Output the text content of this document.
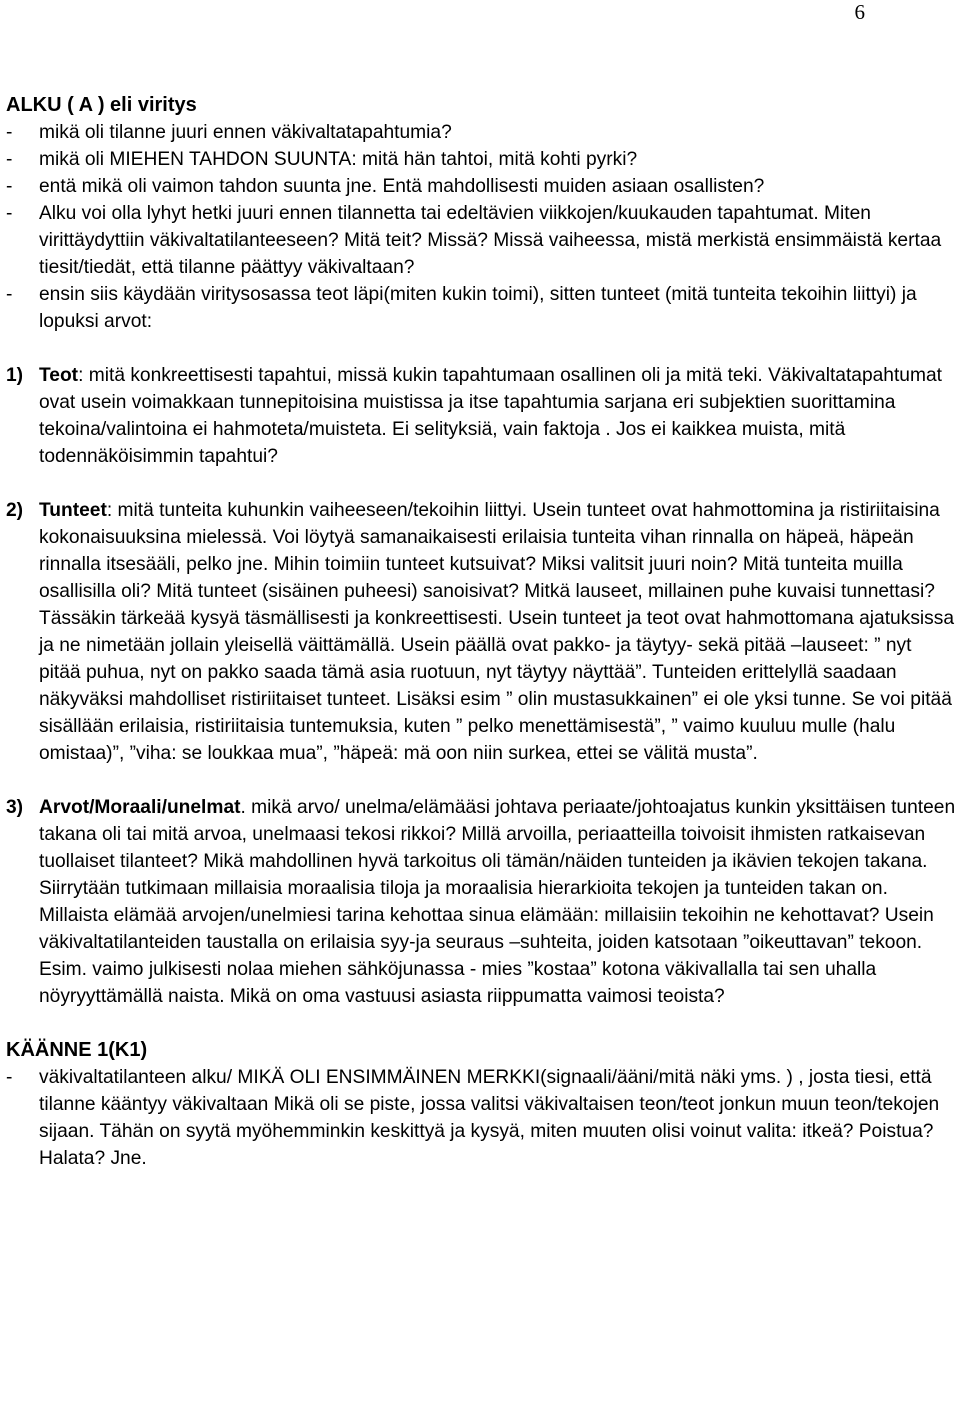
6
ALKU ( A ) eli viritys
-	mikä oli tilanne juuri ennen väkivaltatapahtumia?
-	mikä oli MIEHEN TAHDON SUUNTA: mitä hän tahtoi, mitä kohti pyrki?
-	entä mikä oli vaimon tahdon suunta jne. Entä mahdollisesti muiden asiaan osallisten?
-	Alku voi olla lyhyt hetki juuri ennen tilannetta tai edeltävien viikkojen/kuukauden tapahtumat. Miten virittäydyttiin väkivaltatilanteeseen? Mitä teit? Missä? Missä vaiheessa, mistä merkistä ensimmäistä kertaa tiesit/tiedät, että tilanne päättyy väkivaltaan?
-	ensin siis käydään viritysosassa teot läpi(miten kukin toimi), sitten tunteet (mitä tunteita tekoihin liittyi) ja lopuksi arvot:
1) Teot: mitä konkreettisesti tapahtui, missä kukin tapahtumaan osallinen oli ja mitä teki. Väkivaltatapahtumat ovat usein voimakkaan tunnepitoisina muistissa ja itse tapahtumia sarjana eri subjektien suorittamina tekoina/valintoina ei hahmoteta/muisteta. Ei selityksiä, vain faktoja . Jos ei kaikkea muista, mitä todennäköisimmin tapahtui?
2) Tunteet: mitä tunteita kuhunkin vaiheeseen/tekoihin liittyi. Usein tunteet ovat hahmottomina ja ristiriitaisina kokonaisuuksina mielessä. Voi löytyä samanaikaisesti erilaisia tunteita vihan rinnalla on häpeä, häpeän rinnalla itsesääli, pelko jne. Mihin toimiin tunteet kutsuivat? Miksi valitsit juuri noin? Mitä tunteita muilla osallisilla oli? Mitä tunteet (sisäinen puheesi) sanoisivat? Mitkä lauseet, millainen puhe kuvaisi tunnettasi? Tässäkin tärkeää kysyä täsmällisesti ja konkreettisesti. Usein tunteet ja teot ovat hahmottomana ajatuksissa ja ne nimetään jollain yleisellä väittämällä. Usein päällä ovat pakko- ja täytyy- sekä pitää –lauseet: ” nyt pitää puhua, nyt on pakko saada tämä asia ruotuun, nyt täytyy näyttää”. Tunteiden erittelyllä saadaan näkyväksi mahdolliset ristiriitaiset tunteet. Lisäksi esim ” olin mustasukkainen” ei ole yksi tunne. Se voi pitää sisällään erilaisia, ristiriitaisia tuntemuksia, kuten ” pelko menettämisestä”, ” vaimo kuuluu mulle (halu omistaa)”, ”viha: se loukkaa mua”, ”häpeä: mä oon niin surkea, ettei se välitä musta”.
3) Arvot/Moraali/unelmat. mikä arvo/ unelma/elämääsi johtava periaate/johtoajatus kunkin yksittäisen tunteen takana oli tai mitä arvoa, unelmaasi tekosi rikkoi? Millä arvoilla, periaatteilla toivoisit ihmisten ratkaisevan tuollaiset tilanteet? Mikä mahdollinen hyvä tarkoitus oli tämän/näiden tunteiden ja ikävien tekojen takana. Siirrytään tutkimaan millaisia moraalisia tiloja ja moraalisia hierarkioita tekojen ja tunteiden takan on. Millaista elämää arvojen/unelmiesi tarina kehottaa sinua elämään: millaisiin tekoihin ne kehottavat? Usein väkivaltatilanteiden taustalla on erilaisia syy-ja seuraus –suhteita, joiden katsotaan ”oikeuttavan” tekoon. Esim. vaimo julkisesti nolaa miehen sähköjunassa - mies ”kostaa” kotona väkivallalla tai sen uhalla nöyryyttämällä naista. Mikä on oma vastuusi asiasta riippumatta vaimosi teoista?
KÄÄNNE 1(K1)
-	väkivaltatilanteen alku/ MIKÄ OLI ENSIMMÄINEN MERKKI(signaali/ääni/mitä näki yms. ) , josta tiesi, että tilanne kääntyy väkivaltaan Mikä oli se piste, jossa valitsi väkivaltaisen teon/teot jonkun muun teon/tekojen sijaan. Tähän on syytä myöhemminkin keskittyä ja kysyä, miten muuten olisi voinut valita: itkeä? Poistua? Halata? Jne.
